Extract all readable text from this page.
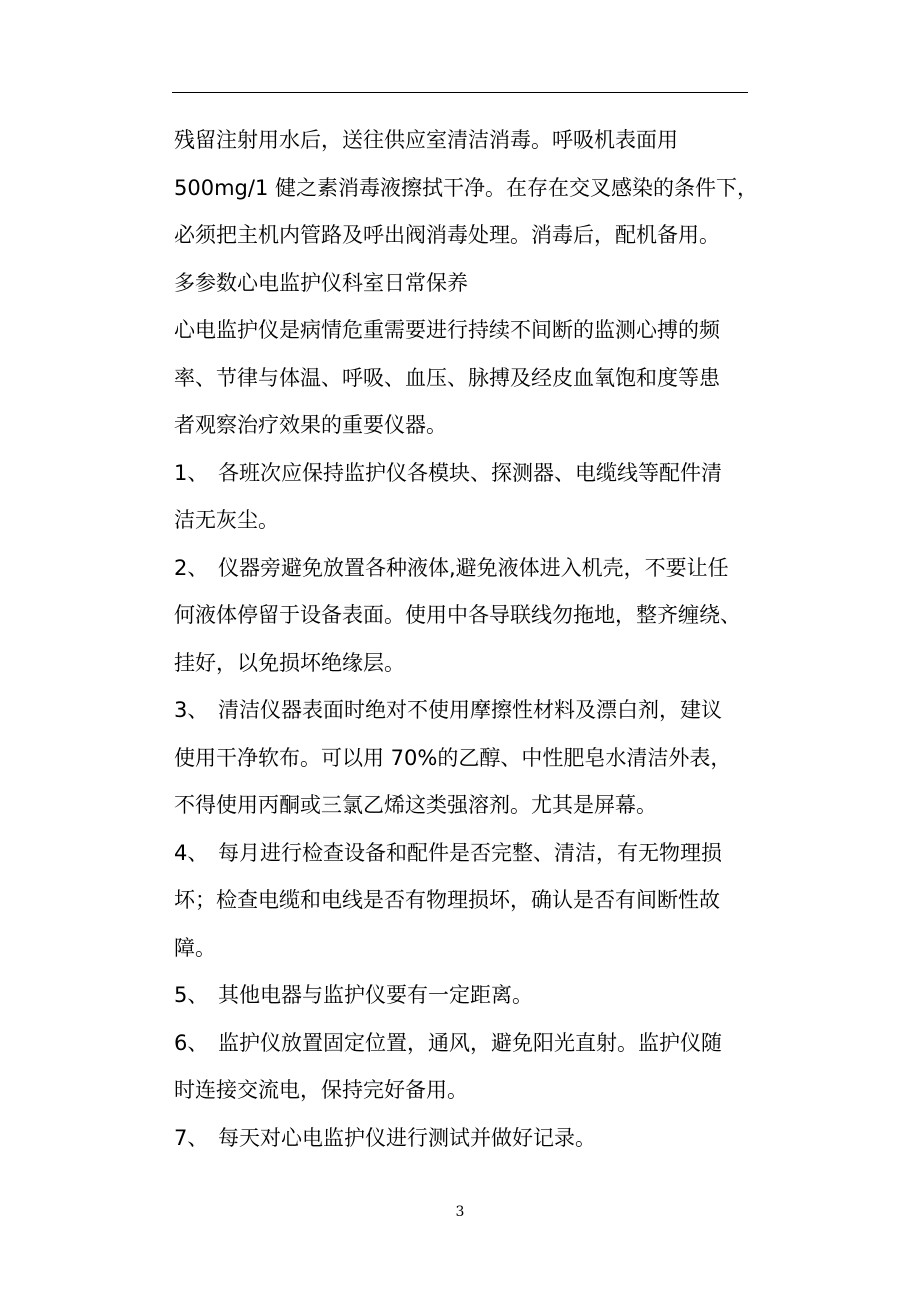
残留注射用水后，送往供应室清洁消毒。呼吸机表面用
500mg/1 健之素消毒液擦拭干净。在存在交叉感染的条件下，
必须把主机内管路及呼出阀消毒处理。消毒后，配机备用。
多参数心电监护仪科室日常保养
心电监护仪是病情危重需要进行持续不间断的监测心搏的频
率、节律与体温、呼吸、血压、脉搏及经皮血氧饱和度等患
者观察治疗效果的重要仪器。
1、 各班次应保持监护仪各模块、探测器、电缆线等配件清
洁无灰尘。
2、 仪器旁避免放置各种液体,避免液体进入机壳，不要让任
何液体停留于设备表面。使用中各导联线勿拖地，整齐缠绕、
挂好，以免损坏绝缘层。
3、 清洁仪器表面时绝对不使用摩擦性材料及漂白剂，建议
使用干净软布。可以用 70%的乙醇、中性肥皂水清洁外表，
不得使用丙酮或三氯乙烯这类强溶剂。尤其是屏幕。
4、 每月进行检查设备和配件是否完整、清洁，有无物理损
坏；检查电缆和电线是否有物理损坏，确认是否有间断性故
障。
5、 其他电器与监护仪要有一定距离。
6、 监护仪放置固定位置，通风，避免阳光直射。监护仪随
时连接交流电，保持完好备用。
7、 每天对心电监护仪进行测试并做好记录。
3
